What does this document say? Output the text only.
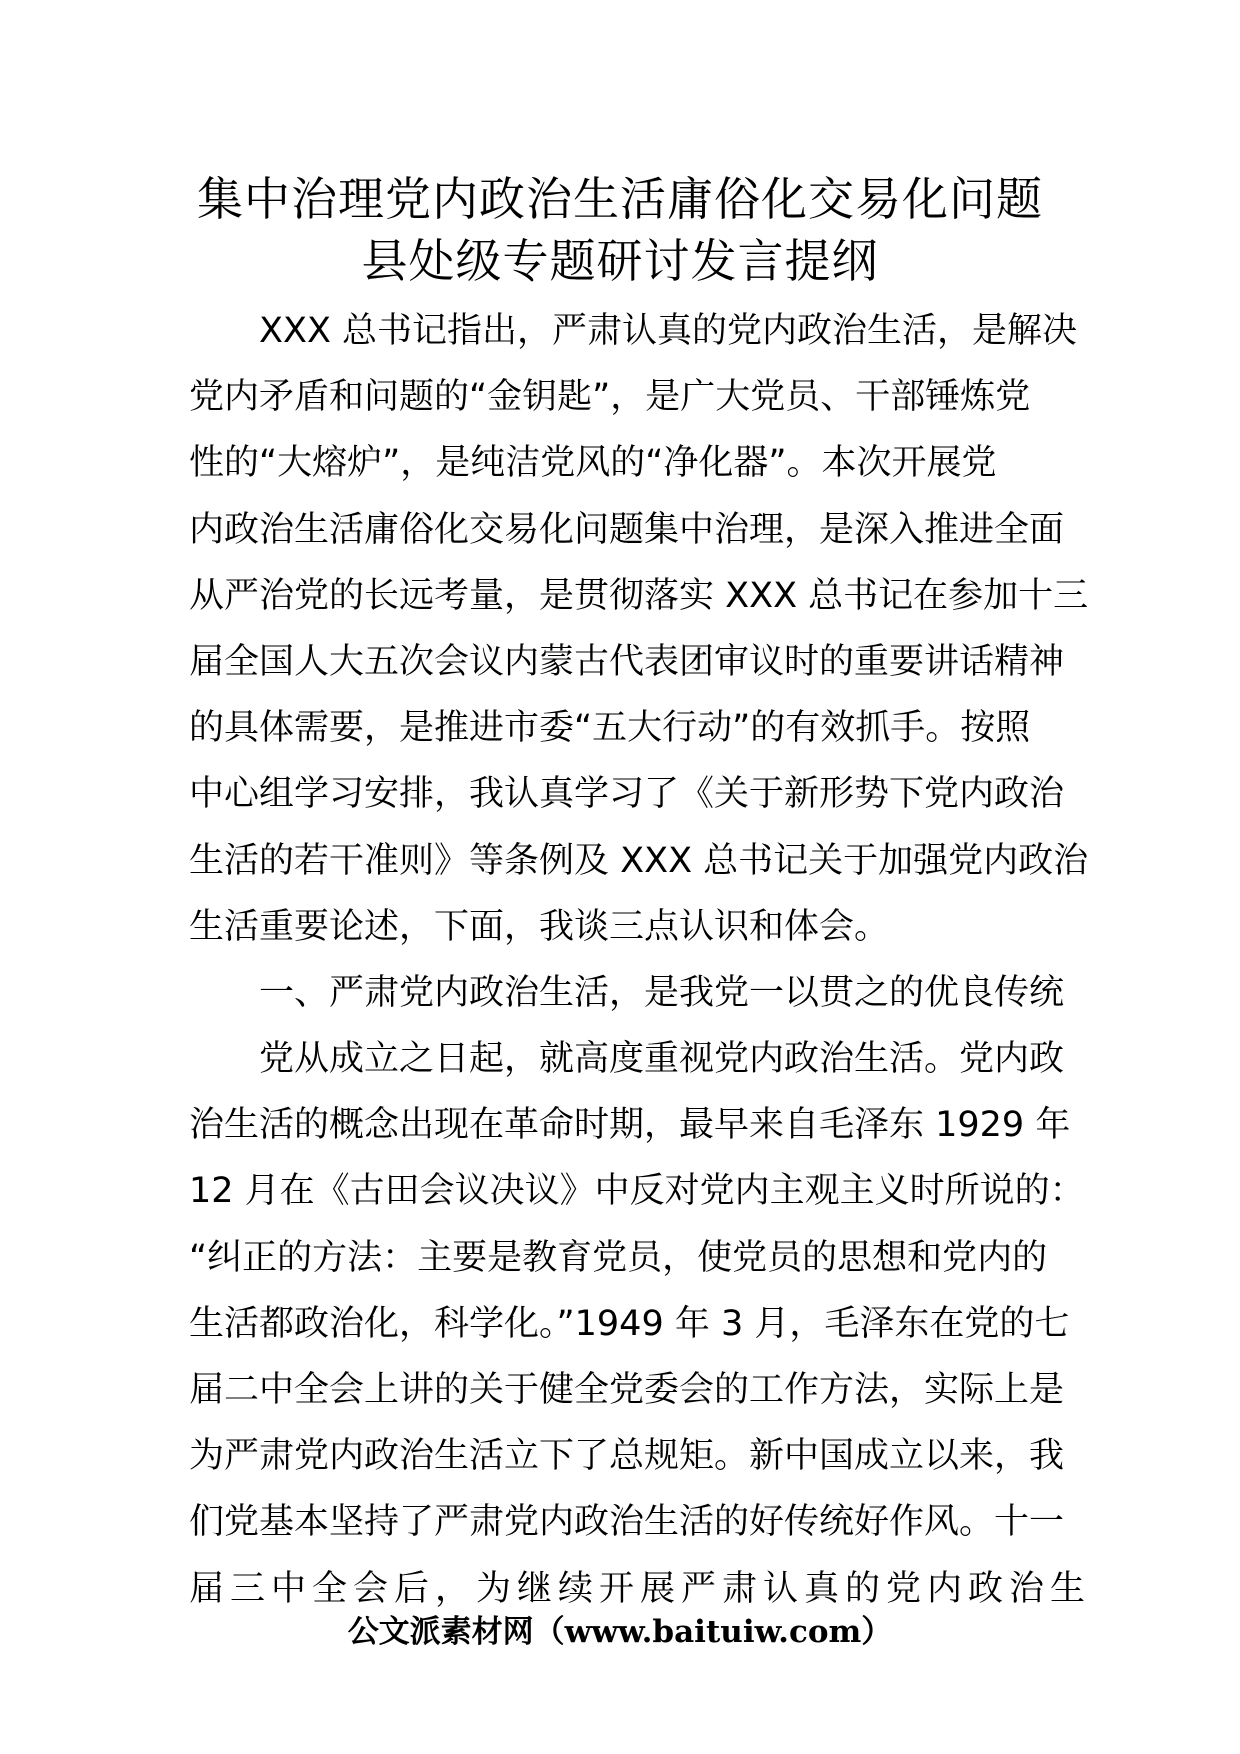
集中治理党内政治生活庸俗化交易化问题
县处级专题研讨发言提纲
XXX 总书记指出，严肃认真的党内政治生活，是解决
党内矛盾和问题的“金钥匙”，是广大党员、干部锤炼党
性的“大熔炉”，是纯洁党风的“净化器”。本次开展党
内政治生活庸俗化交易化问题集中治理，是深入推进全面
从严治党的长远考量，是贯彻落实 XXX 总书记在参加十三
届全国人大五次会议内蒙古代表团审议时的重要讲话精神
的具体需要，是推进市委“五大行动”的有效抓手。按照
中心组学习安排，我认真学习了《关于新形势下党内政治
生活的若干准则》等条例及 XXX 总书记关于加强党内政治
生活重要论述，下面，我谈三点认识和体会。
一、严肃党内政治生活，是我党一以贯之的优良传统
党从成立之日起，就高度重视党内政治生活。党内政
治生活的概念出现在革命时期，最早来自毛泽东 1929 年
12 月在《古田会议决议》中反对党内主观主义时所说的：
“纠正的方法：主要是教育党员，使党员的思想和党内的
生活都政治化，科学化。”1949 年 3 月，毛泽东在党的七
届二中全会上讲的关于健全党委会的工作方法，实际上是
为严肃党内政治生活立下了总规矩。新中国成立以来，我
们党基本坚持了严肃党内政治生活的好传统好作风。十一
届三中全会后，为继续开展严肃认真的党内政治生
公文派素材网（www.baituiw.com）
